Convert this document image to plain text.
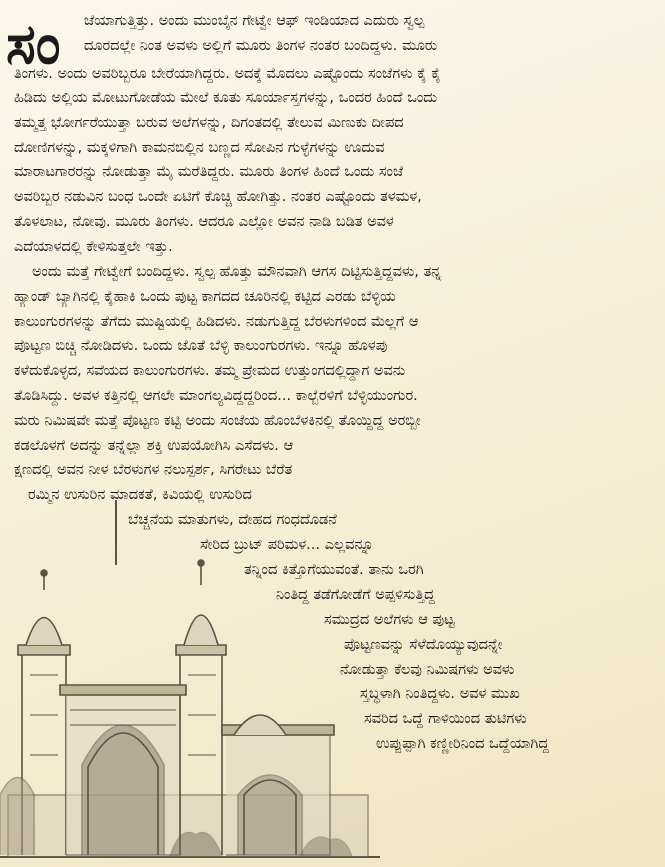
ಸಂ ಜೆಯಾಗುತ್ತಿತ್ತು. ಅಂದು ಮುಂಬೈನ ಗೇಟ್ವೇ ಆಫ್ ಇಂಡಿಯಾದ ಎದುರು ಸ್ವಲ್ಪ
ದೂರದಲ್ಲೇ ನಿಂತ ಅವಳು ಅಲ್ಲಿಗೆ ಮೂರು ತಿಂಗಳ ನಂತರ ಬಂದಿದ್ದಳು. ಮೂರು
ತಿಂಗಳು. ಅಂದು ಅವರಿಬ್ಬರೂ ಬೇರೆಯಾಗಿದ್ದರು. ಅದಕ್ಕೆ ಮೊದಲು ಎಷ್ಟೊಂದು ಸಂಜೆಗಳು ಕೈ ಕೈ
ಹಿಡಿದು ಅಲ್ಲಿಯ ಮೋಟುಗೋಡೆಯ ಮೇಲೆ ಕೂತು ಸೂರ್ಯಾಸ್ತಗಳನ್ನು, ಒಂದರ ಹಿಂದೆ ಒಂದು
ತಮ್ಮತ್ತ ಭೋರ್ಗರೆಯುತ್ತಾ ಬರುವ ಅಲೆಗಳನ್ನು, ದಿಗಂತದಲ್ಲಿ ತೇಲುವ ಮಿಣುಕು ದೀಪದ
ದೋಣಿಗಳನ್ನು, ಮಕ್ಕಳಿಗಾಗಿ ಕಾಮನಬಿಲ್ಲಿನ ಬಣ್ಣದ ಸೋಪಿನ ಗುಳ್ಳೆಗಳನ್ನು ಊದುವ
ಮಾರಾಟಗಾರರನ್ನು ನೋಡುತ್ತಾ ಮೈ ಮರೆತಿದ್ದರು. ಮೂರು ತಿಂಗಳ ಹಿಂದೆ ಒಂದು ಸಂಜೆ
ಅವರಿಬ್ಬರ ನಡುವಿನ ಬಂಧ ಒಂದೇ ಏಟಿಗೆ ಕೊಚ್ಚಿ ಹೋಗಿತ್ತು. ನಂತರ ಎಷ್ಟೊಂದು ತಳಮಳ,
ತೊಳಲಾಟ, ನೋವು. ಮೂರು ತಿಂಗಳು. ಆದರೂ ಎಲ್ಲೋ ಅವನ ನಾಡಿ ಬಡಿತ ಅವಳ
ಎದೆಯಾಳದಲ್ಲಿ ಕೇಳಿಸುತ್ತಲೇ ಇತ್ತು.
ಅಂದು ಮತ್ತೆ ಗೇಟ್ವೇಗೆ ಬಂದಿದ್ದಳು. ಸ್ವಲ್ಪ ಹೊತ್ತು ಮೌನವಾಗಿ ಆಗಸ ದಿಟ್ಟಿಸುತ್ತಿದ್ದವಳು, ತನ್ನ
ಹ್ಯಾಂಡ್ ಬ್ಯಾಗಿನಲ್ಲಿ ಕೈಹಾಕಿ ಒಂದು ಪುಟ್ಟ ಕಾಗದದ ಚೂರಿನಲ್ಲಿ ಕಟ್ಟಿದ ಎರಡು ಬೆಳ್ಳಿಯ
ಕಾಲುಂಗುರಗಳನ್ನು ತೆಗೆದು ಮುಷ್ಟಿಯಲ್ಲಿ ಹಿಡಿದಳು. ನಡುಗುತ್ತಿದ್ದ ಬೆರಳುಗಳಿಂದ ಮೆಲ್ಲಗೆ ಆ
ಪೊಟ್ಟಣ ಬಿಚ್ಚಿ ನೋಡಿದಳು. ಒಂದು ಜೊತೆ ಬೆಳ್ಳಿ ಕಾಲುಂಗುರಗಳು. ಇನ್ನೂ ಹೊಳಪು
ಕಳೆದುಕೊಳ್ಳದ, ಸವೆಯದ ಕಾಲುಂಗುರಗಳು. ತಮ್ಮ ಪ್ರೇಮದ ಉತ್ತುಂಗದಲ್ಲಿದ್ದಾಗ ಅವನು
ತೊಡಿಸಿದ್ದು. ಅವಳ ಕತ್ತಿನಲ್ಲಿ ಆಗಲೇ ಮಾಂಗಲ್ಯವಿದ್ದದ್ದರಿಂದ... ಕಾಲ್ಬೆರಳಿಗೆ ಬೆಳ್ಳಿಯುಂಗುರ.
ಮರು ನಿಮಿಷವೇ ಮತ್ತೆ ಪೊಟ್ಟಣ ಕಟ್ಟಿ ಅಂದು ಸಂಜೆಯ ಹೊಂಬೆಳಕಿನಲ್ಲಿ ತೊಯ್ದಿದ್ದ ಅರಬ್ಬೀ
ಕಡಲೊಳಗೆ ಅದನ್ನು ತನ್ನೆಲ್ಲಾ ಶಕ್ತಿ ಉಪಯೋಗಿಸಿ ಎಸೆದಳು. ಆ
ಕ್ಷಣದಲ್ಲಿ ಅವನ ನೀಳ ಬೆರಳುಗಳ ನಲುಸ್ಪರ್ಶ, ಸಿಗರೇಟು ಬೆರೆತ
ರಮ್ಮಿನ ಉಸುರಿನ ಮಾದಕತೆ, ಕಿವಿಯಲ್ಲಿ ಉಸುರಿದ
ಬೆಚ್ಚನೆಯ ಮಾತುಗಳು, ದೇಹದ ಗಂಧದೊಡನೆ
ಸೇರಿದ ಬ್ರುಟ್ ಪರಿಮಳ... ಎಲ್ಲವನ್ನೂ
ತನ್ನಿಂದ ಕಿತ್ತೊಗೆಯುವಂತೆ. ತಾನು ಒರಗಿ
ನಿಂತಿದ್ದ ತಡೆಗೋಡೆಗೆ ಅಪ್ಪಳಿಸುತ್ತಿದ್ದ
ಸಮುದ್ರದ ಅಲೆಗಳು ಆ ಪುಟ್ಟ
ಪೊಟ್ಟಣವನ್ನು ಸೆಳೆದೊಯ್ಯುವುದನ್ನೇ
ನೋಡುತ್ತಾ ಕೆಲವು ನಿಮಿಷಗಳು ಅವಳು
ಸ್ತಬ್ಧಳಾಗಿ ನಿಂತಿದ್ದಳು. ಅವಳ ಮುಖ
ಸವರಿದ ಒದ್ದೆ ಗಾಳಿಯಿಂದ ತುಟಿಗಳು
ಉಪ್ಪುಪ್ಪಾಗಿ ಕಣ್ಣೀರಿನಿಂದ ಒದ್ದೆಯಾಗಿದ್ದ
